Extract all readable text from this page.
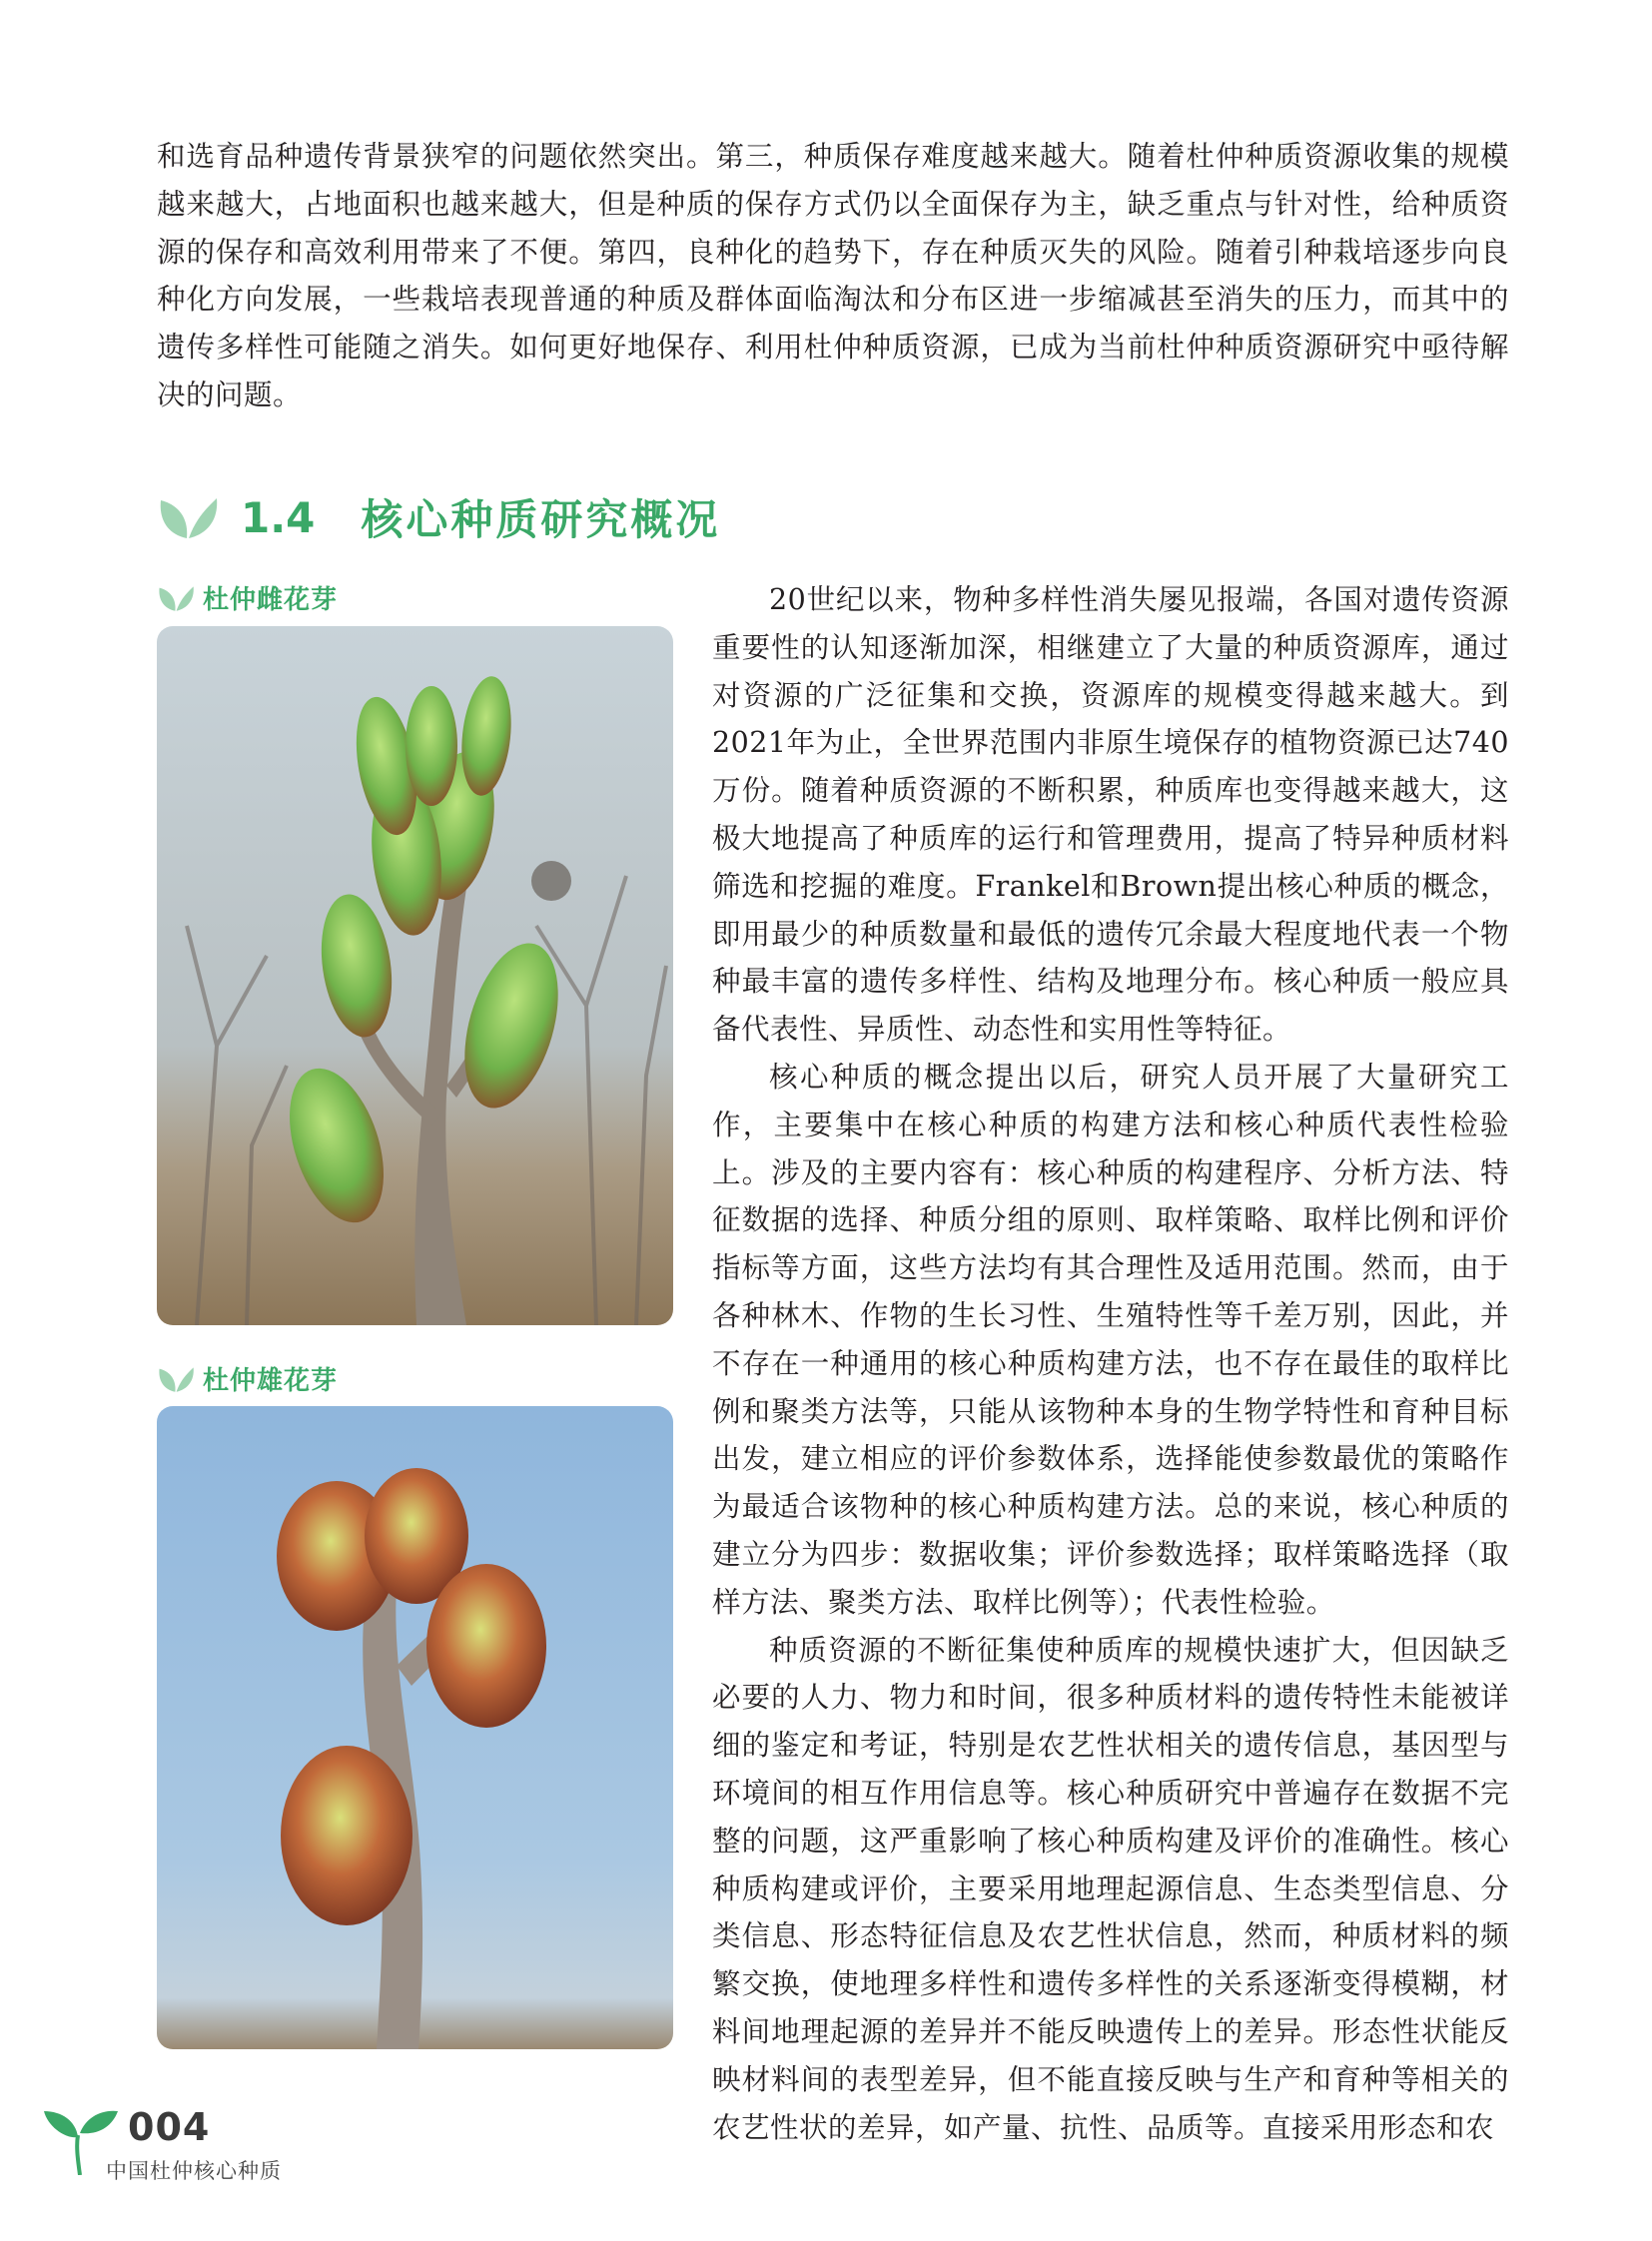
和选育品种遗传背景狭窄的问题依然突出。第三，种质保存难度越来越大。随着杜仲种质资源收集的规模越来越大，占地面积也越来越大，但是种质的保存方式仍以全面保存为主，缺乏重点与针对性，给种质资源的保存和高效利用带来了不便。第四，良种化的趋势下，存在种质灭失的风险。随着引种栽培逐步向良种化方向发展，一些栽培表现普通的种质及群体面临淘汰和分布区进一步缩减甚至消失的压力，而其中的遗传多样性可能随之消失。如何更好地保存、利用杜仲种质资源，已成为当前杜仲种质资源研究中亟待解决的问题。

1.4 核心种质研究概况
杜仲雌花芽
杜仲雄花芽

20世纪以来，物种多样性消失屡见报端，各国对遗传资源重要性的认知逐渐加深，相继建立了大量的种质资源库，通过对资源的广泛征集和交换，资源库的规模变得越来越大。到2021年为止，全世界范围内非原生境保存的植物资源已达740万份。随着种质资源的不断积累，种质库也变得越来越大，这极大地提高了种质库的运行和管理费用，提高了特异种质材料筛选和挖掘的难度。Frankel和Brown提出核心种质的概念，即用最少的种质数量和最低的遗传冗余最大程度地代表一个物种最丰富的遗传多样性、结构及地理分布。核心种质一般应具备代表性、异质性、动态性和实用性等特征。

核心种质的概念提出以后，研究人员开展了大量研究工作，主要集中在核心种质的构建方法和核心种质代表性检验上。涉及的主要内容有：核心种质的构建程序、分析方法、特征数据的选择、种质分组的原则、取样策略、取样比例和评价指标等方面，这些方法均有其合理性及适用范围。然而，由于各种林木、作物的生长习性、生殖特性等千差万别，因此，并不存在一种通用的核心种质构建方法，也不存在最佳的取样比例和聚类方法等，只能从该物种本身的生物学特性和育种目标出发，建立相应的评价参数体系，选择能使参数最优的策略作为最适合该物种的核心种质构建方法。总的来说，核心种质的建立分为四步：数据收集；评价参数选择；取样策略选择（取样方法、聚类方法、取样比例等）；代表性检验。

种质资源的不断征集使种质库的规模快速扩大，但因缺乏必要的人力、物力和时间，很多种质材料的遗传特性未能被详细的鉴定和考证，特别是农艺性状相关的遗传信息，基因型与环境间的相互作用信息等。核心种质研究中普遍存在数据不完整的问题，这严重影响了核心种质构建及评价的准确性。核心种质构建或评价，主要采用地理起源信息、生态类型信息、分类信息、形态特征信息及农艺性状信息，然而，种质材料的频繁交换，使地理多样性和遗传多样性的关系逐渐变得模糊，材料间地理起源的差异并不能反映遗传上的差异。形态性状能反映材料间的表型差异，但不能直接反映与生产和育种等相关的农艺性状的差异，如产量、抗性、品质等。直接采用形态和农

004
中国杜仲核心种质
